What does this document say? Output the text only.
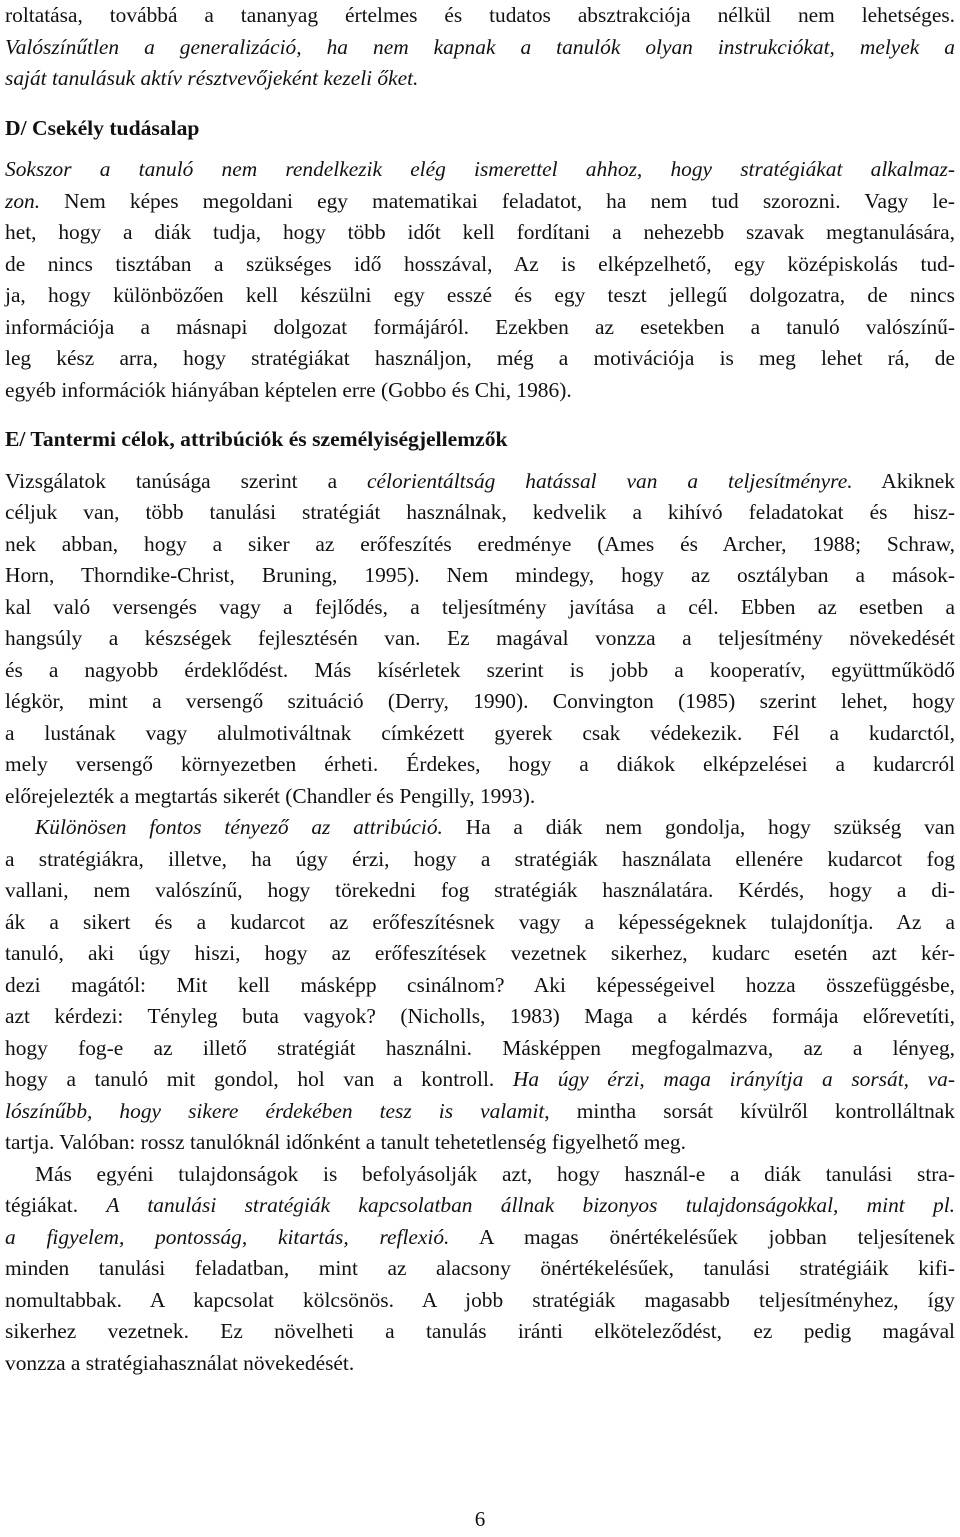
roltatása, továbbá a tananyag értelmes és tudatos absztrakciója nélkül nem lehetséges.
Valószínűtlen a generalizáció, ha nem kapnak a tanulók olyan instrukciókat, melyek a
saját tanulásuk aktív résztvevőjeként kezeli őket.
D/ Csekély tudásalap
Sokszor a tanuló nem rendelkezik elég ismerettel ahhoz, hogy stratégiákat alkalmaz-
zon. Nem képes megoldani egy matematikai feladatot, ha nem tud szorozni. Vagy le-
het, hogy a diák tudja, hogy több időt kell fordítani a nehezebb szavak megtanulására,
de nincs tisztában a szükséges idő hosszával, Az is elképzelhető, egy középiskolás tud-
ja, hogy különbözően kell készülni egy esszé és egy teszt jellegű dolgozatra, de nincs
információja a másnapi dolgozat formájáról. Ezekben az esetekben a tanuló valószínű-
leg kész arra, hogy stratégiákat használjon, még a motivációja is meg lehet rá, de
egyéb információk hiányában képtelen erre (Gobbo és Chi, 1986).
E/ Tantermi célok, attribúciók és személyiségjellemzők
Vizsgálatok tanúsága szerint a célorientáltság hatással van a teljesítményre. Akiknek
céljuk van, több tanulási stratégiát használnak, kedvelik a kihívó feladatokat és hisz-
nek abban, hogy a siker az erőfeszítés eredménye (Ames és Archer, 1988; Schraw,
Horn, Thorndike-Christ, Bruning, 1995). Nem mindegy, hogy az osztályban a mások-
kal való versengés vagy a fejlődés, a teljesítmény javítása a cél. Ebben az esetben a
hangsúly a készségek fejlesztésén van. Ez magával vonzza a teljesítmény növekedését
és a nagyobb érdeklődést. Más kísérletek szerint is jobb a kooperatív, együttműködő
légkör, mint a versengő szituáció (Derry, 1990). Convington (1985) szerint lehet, hogy
a lustának vagy alulmotiváltnak címkézett gyerek csak védekezik. Fél a kudarctól,
mely versengő környezetben érheti. Érdekes, hogy a diákok elképzelései a kudarcról
előrejelezték a megtartás sikerét (Chandler és Pengilly, 1993).
Különösen fontos tényező az attribúció. Ha a diák nem gondolja, hogy szükség van
a stratégiákra, illetve, ha úgy érzi, hogy a stratégiák használata ellenére kudarcot fog
vallani, nem valószínű, hogy törekedni fog stratégiák használatára. Kérdés, hogy a di-
ák a sikert és a kudarcot az erőfeszítésnek vagy a képességeknek tulajdonítja. Az a
tanuló, aki úgy hiszi, hogy az erőfeszítések vezetnek sikerhez, kudarc esetén azt kér-
dezi magától: Mit kell másképp csinálnom? Aki képességeivel hozza összefüggésbe,
azt kérdezi: Tényleg buta vagyok? (Nicholls, 1983) Maga a kérdés formája előrevetíti,
hogy fog-e az illető stratégiát használni. Másképpen megfogalmazva, az a lényeg,
hogy a tanuló mit gondol, hol van a kontroll. Ha úgy érzi, maga irányítja a sorsát, va-
lószínűbb, hogy sikere érdekében tesz is valamit, mintha sorsát kívülről kontrolláltnak
tartja. Valóban: rossz tanulóknál időnként a tanult tehetetlenség figyelhető meg.
Más egyéni tulajdonságok is befolyásolják azt, hogy használ-e a diák tanulási stra-
tégiákat. A tanulási stratégiák kapcsolatban állnak bizonyos tulajdonságokkal, mint pl.
a figyelem, pontosság, kitartás, reflexió. A magas önértékelésűek jobban teljesítenek
minden tanulási feladatban, mint az alacsony önértékelésűek, tanulási stratégiáik kifi-
nomultabbak. A kapcsolat kölcsönös. A jobb stratégiák magasabb teljesítményhez, így
sikerhez vezetnek. Ez növelheti a tanulás iránti elköteleződést, ez pedig magával
vonzza a stratégiahasználat növekedését.
6
